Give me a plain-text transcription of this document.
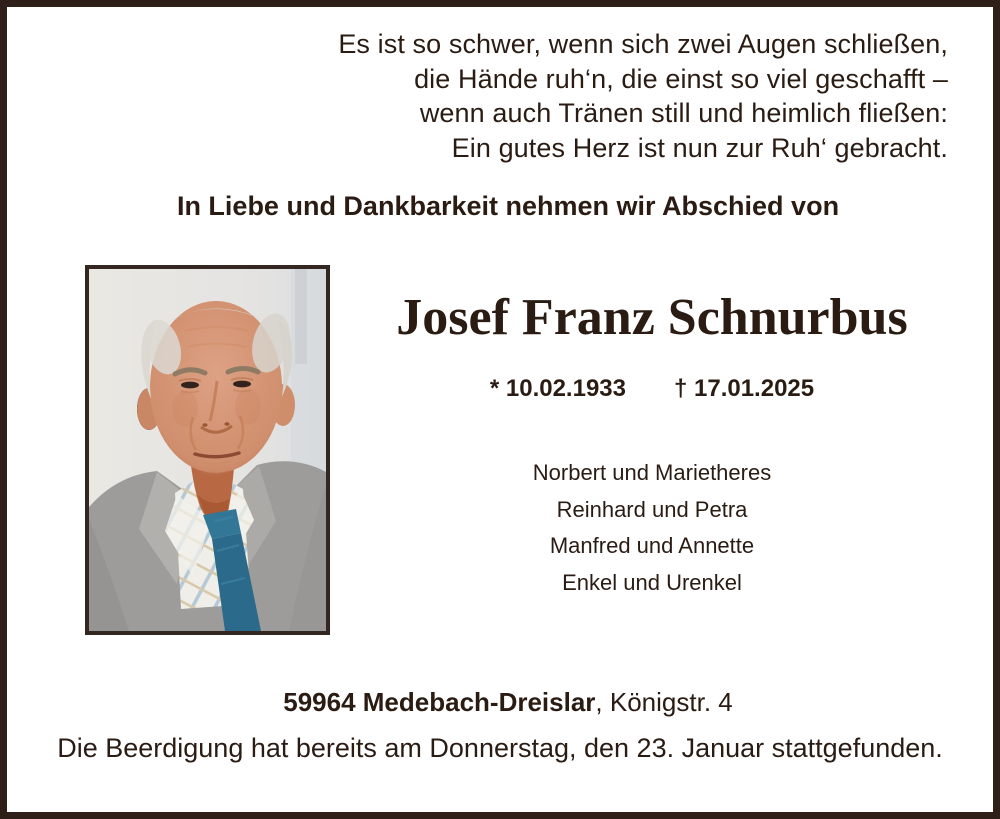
Es ist so schwer, wenn sich zwei Augen schließen,
die Hände ruh‘n, die einst so viel geschafft –
wenn auch Tränen still und heimlich fließen:
Ein gutes Herz ist nun zur Ruh‘ gebracht.
In Liebe und Dankbarkeit nehmen wir Abschied von
Josef Franz Schnurbus
* 10.02.1933 † 17.01.2025
Norbert und Marietheres
Reinhard und Petra
Manfred und Annette
Enkel und Urenkel
59964 Medebach-Dreislar, Königstr. 4
Die Beerdigung hat bereits am Donnerstag, den 23. Januar stattgefunden.
